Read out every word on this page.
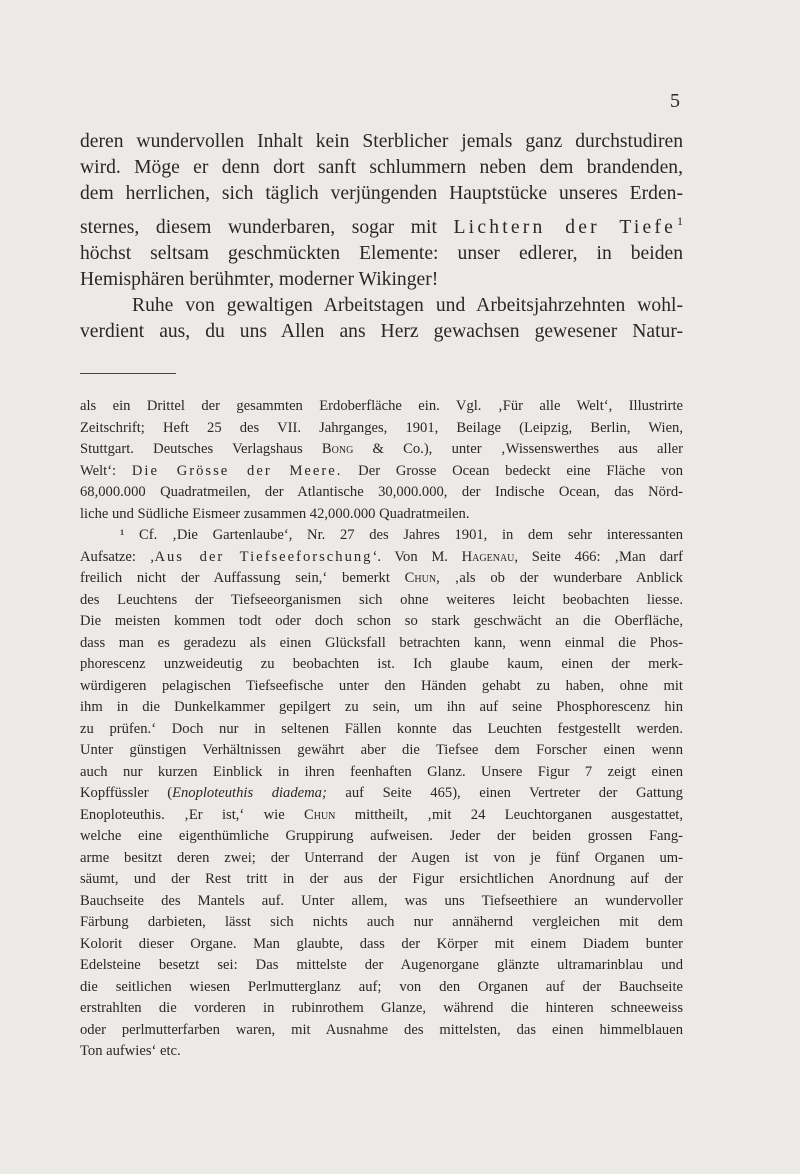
5
deren wundervollen Inhalt kein Sterblicher jemals ganz durchstudiren
wird. Möge er denn dort sanft schlummern neben dem brandenden,
dem herrlichen, sich täglich verjüngenden Hauptstücke unseres Erden-
sternes, diesem wunderbaren, sogar mit Lichtern der Tiefe$^1$
höchst seltsam geschmückten Elemente: unser edlerer, in beiden
Hemisphären berühmter, moderner Wikinger!
Ruhe von gewaltigen Arbeitstagen und Arbeitsjahrzehnten wohl-
verdient aus, du uns Allen ans Herz gewachsen gewesener Natur-
als ein Drittel der gesammten Erdoberfläche ein. Vgl. ‚Für alle Welt‘, Illustrirte
Zeitschrift; Heft 25 des VII. Jahrganges, 1901, Beilage (Leipzig, Berlin, Wien,
Stuttgart. Deutsches Verlagshaus Bong & Co.), unter ‚Wissenswerthes aus aller
Welt‘: Die Grösse der Meere. Der Grosse Ocean bedeckt eine Fläche von
68,000.000 Quadratmeilen, der Atlantische 30,000.000, der Indische Ocean, das Nörd-
liche und Südliche Eismeer zusammen 42,000.000 Quadratmeilen.
¹ Cf. ‚Die Gartenlaube‘, Nr. 27 des Jahres 1901, in dem sehr interessanten
Aufsatze: ‚Aus der Tiefseeforschung‘. Von M. Hagenau, Seite 466: ‚Man darf
freilich nicht der Auffassung sein,‘ bemerkt Chun, ‚als ob der wunderbare Anblick
des Leuchtens der Tiefseeorganismen sich ohne weiteres leicht beobachten liesse.
Die meisten kommen todt oder doch schon so stark geschwächt an die Oberfläche,
dass man es geradezu als einen Glücksfall betrachten kann, wenn einmal die Phos-
phorescenz unzweideutig zu beobachten ist. Ich glaube kaum, einen der merk-
würdigeren pelagischen Tiefseefische unter den Händen gehabt zu haben, ohne mit
ihm in die Dunkelkammer gepilgert zu sein, um ihn auf seine Phosphorescenz hin
zu prüfen.‘ Doch nur in seltenen Fällen konnte das Leuchten festgestellt werden.
Unter günstigen Verhältnissen gewährt aber die Tiefsee dem Forscher einen wenn
auch nur kurzen Einblick in ihren feenhaften Glanz. Unsere Figur 7 zeigt einen
Kopffüssler (Enoploteuthis diadema; auf Seite 465), einen Vertreter der Gattung
Enoploteuthis. ‚Er ist,‘ wie Chun mittheilt, ‚mit 24 Leuchtorganen ausgestattet,
welche eine eigenthümliche Gruppirung aufweisen. Jeder der beiden grossen Fang-
arme besitzt deren zwei; der Unterrand der Augen ist von je fünf Organen um-
säumt, und der Rest tritt in der aus der Figur ersichtlichen Anordnung auf der
Bauchseite des Mantels auf. Unter allem, was uns Tiefseethiere an wundervoller
Färbung darbieten, lässt sich nichts auch nur annähernd vergleichen mit dem
Kolorit dieser Organe. Man glaubte, dass der Körper mit einem Diadem bunter
Edelsteine besetzt sei: Das mittelste der Augenorgane glänzte ultramarinblau und
die seitlichen wiesen Perlmutterglanz auf; von den Organen auf der Bauchseite
erstrahlten die vorderen in rubinrothem Glanze, während die hinteren schneeweiss
oder perlmutterfarben waren, mit Ausnahme des mittelsten, das einen himmelblauen
Ton aufwies‘ etc.
